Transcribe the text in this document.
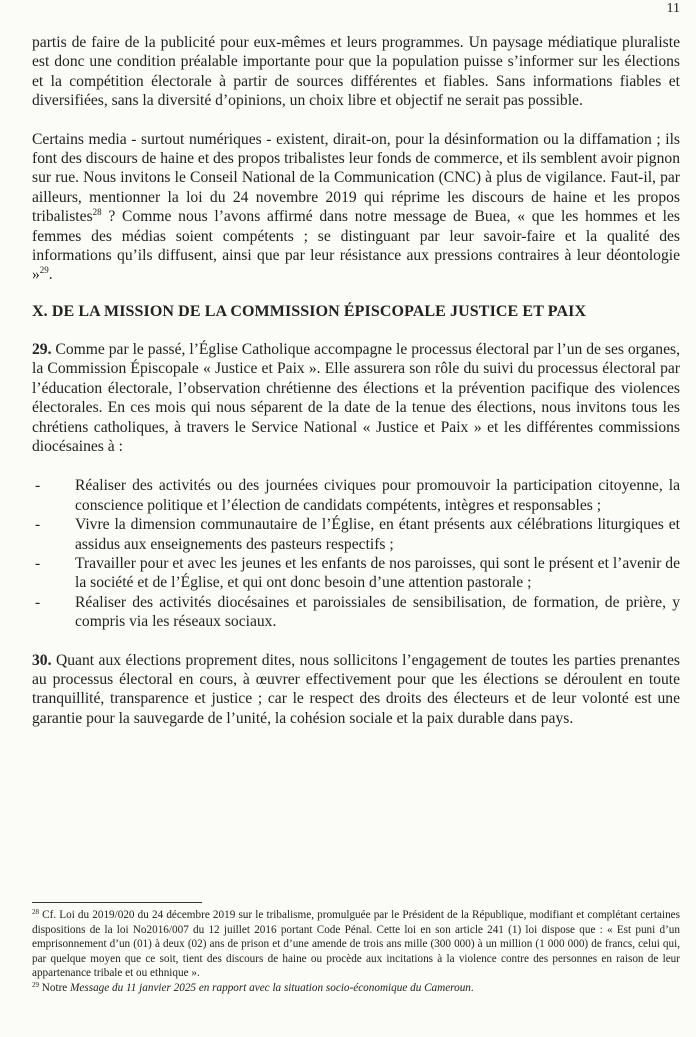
11

partis de faire de la publicité pour eux-mêmes et leurs programmes. Un paysage médiatique pluraliste est donc une condition préalable importante pour que la population puisse s’informer sur les élections et la compétition électorale à partir de sources différentes et fiables. Sans informations fiables et diversifiées, sans la diversité d’opinions, un choix libre et objectif ne serait pas possible.

Certains media - surtout numériques - existent, dirait-on, pour la désinformation ou la diffamation ; ils font des discours de haine et des propos tribalistes leur fonds de commerce, et ils semblent avoir pignon sur rue. Nous invitons le Conseil National de la Communication (CNC) à plus de vigilance. Faut-il, par ailleurs, mentionner la loi du 24 novembre 2019 qui réprime les discours de haine et les propos tribalistes$^{28}$ ? Comme nous l’avons affirmé dans notre message de Buea, « que les hommes et les femmes des médias soient compétents ; se distinguant par leur savoir-faire et la qualité des informations qu’ils diffusent, ainsi que par leur résistance aux pressions contraires à leur déontologie »$^{29}$.

X. DE LA MISSION DE LA COMMISSION ÉPISCOPALE JUSTICE ET PAIX

29. Comme par le passé, l’Église Catholique accompagne le processus électoral par l’un de ses organes, la Commission Épiscopale « Justice et Paix ». Elle assurera son rôle du suivi du processus électoral par l’éducation électorale, l’observation chrétienne des élections et la prévention pacifique des violences électorales. En ces mois qui nous séparent de la date de la tenue des élections, nous invitons tous les chrétiens catholiques, à travers le Service National « Justice et Paix » et les différentes commissions diocésaines à :

- Réaliser des activités ou des journées civiques pour promouvoir la participation citoyenne, la conscience politique et l’élection de candidats compétents, intègres et responsables ;
- Vivre la dimension communautaire de l’Église, en étant présents aux célébrations liturgiques et assidus aux enseignements des pasteurs respectifs ;
- Travailler pour et avec les jeunes et les enfants de nos paroisses, qui sont le présent et l’avenir de la société et de l’Église, et qui ont donc besoin d’une attention pastorale ;
- Réaliser des activités diocésaines et paroissiales de sensibilisation, de formation, de prière, y compris via les réseaux sociaux.

30. Quant aux élections proprement dites, nous sollicitons l’engagement de toutes les parties prenantes au processus électoral en cours, à œuvrer effectivement pour que les élections se déroulent en toute tranquillité, transparence et justice ; car le respect des droits des électeurs et de leur volonté est une garantie pour la sauvegarde de l’unité, la cohésion sociale et la paix durable dans pays.

$^{28}$ Cf. Loi du 2019/020 du 24 décembre 2019 sur le tribalisme, promulguée par le Président de la République, modifiant et complétant certaines dispositions de la loi No2016/007 du 12 juillet 2016 portant Code Pénal. Cette loi en son article 241 (1) loi dispose que : « Est puni d’un emprisonnement d’un (01) à deux (02) ans de prison et d’une amende de trois ans mille (300 000) à un million (1 000 000) de francs, celui qui, par quelque moyen que ce soit, tient des discours de haine ou procède aux incitations à la violence contre des personnes en raison de leur appartenance tribale et ou ethnique ».

$^{29}$ Notre Message du 11 janvier 2025 en rapport avec la situation socio-économique du Cameroun.
